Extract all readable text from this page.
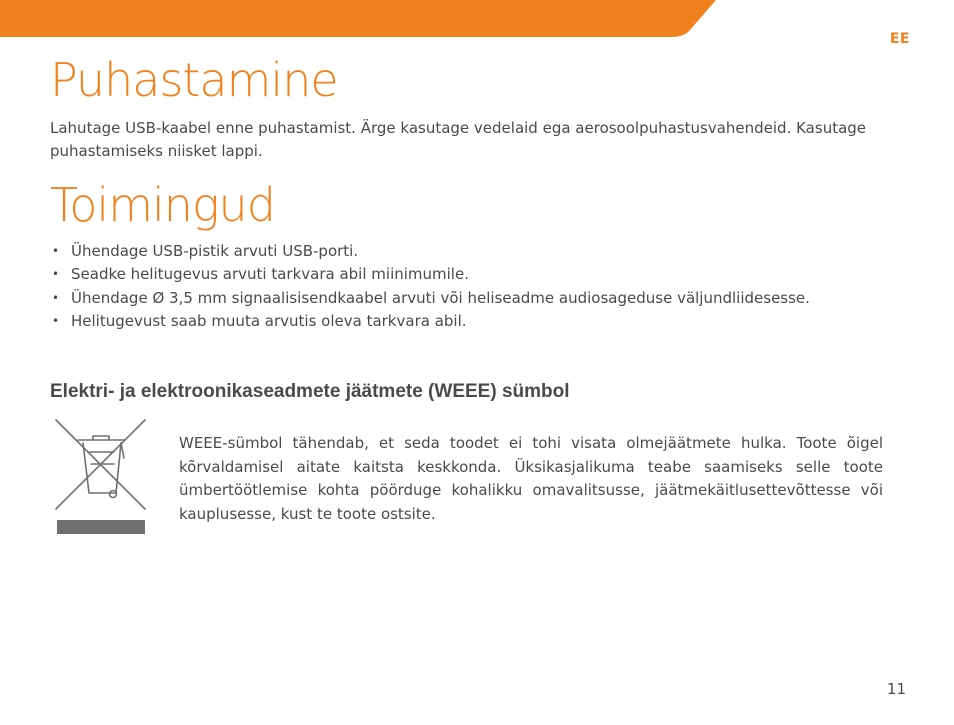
EE
Puhastamine

Lahutage USB-kaabel enne puhastamist. Ärge kasutage vedelaid ega aerosoolpuhastusvahendeid. Kasutage puhastamiseks niisket lappi.

Toimingud
• Ühendage USB-pistik arvuti USB-porti.
• Seadke helitugevus arvuti tarkvara abil miinimumile.
• Ühendage Ø 3,5 mm signaalisisendkaabel arvuti või heliseadme audiosageduse väljundliidesesse.
• Helitugevust saab muuta arvutis oleva tarkvara abil.
Elektri- ja elektroonikaseadmete jäätmete (WEEE) sümbol

WEEE-sümbol tähendab, et seda toodet ei tohi visata olmejäätmete hulka. Toote õigel kõrvaldamisel aitate kaitsta keskkonda. Üksikasjalikuma teabe saamiseks selle toote ümbertöötlemise kohta pöörduge kohalikku omavalitsusse, jäätmekäitlusettevõttesse või kauplusesse, kust te toote ostsite.

11
